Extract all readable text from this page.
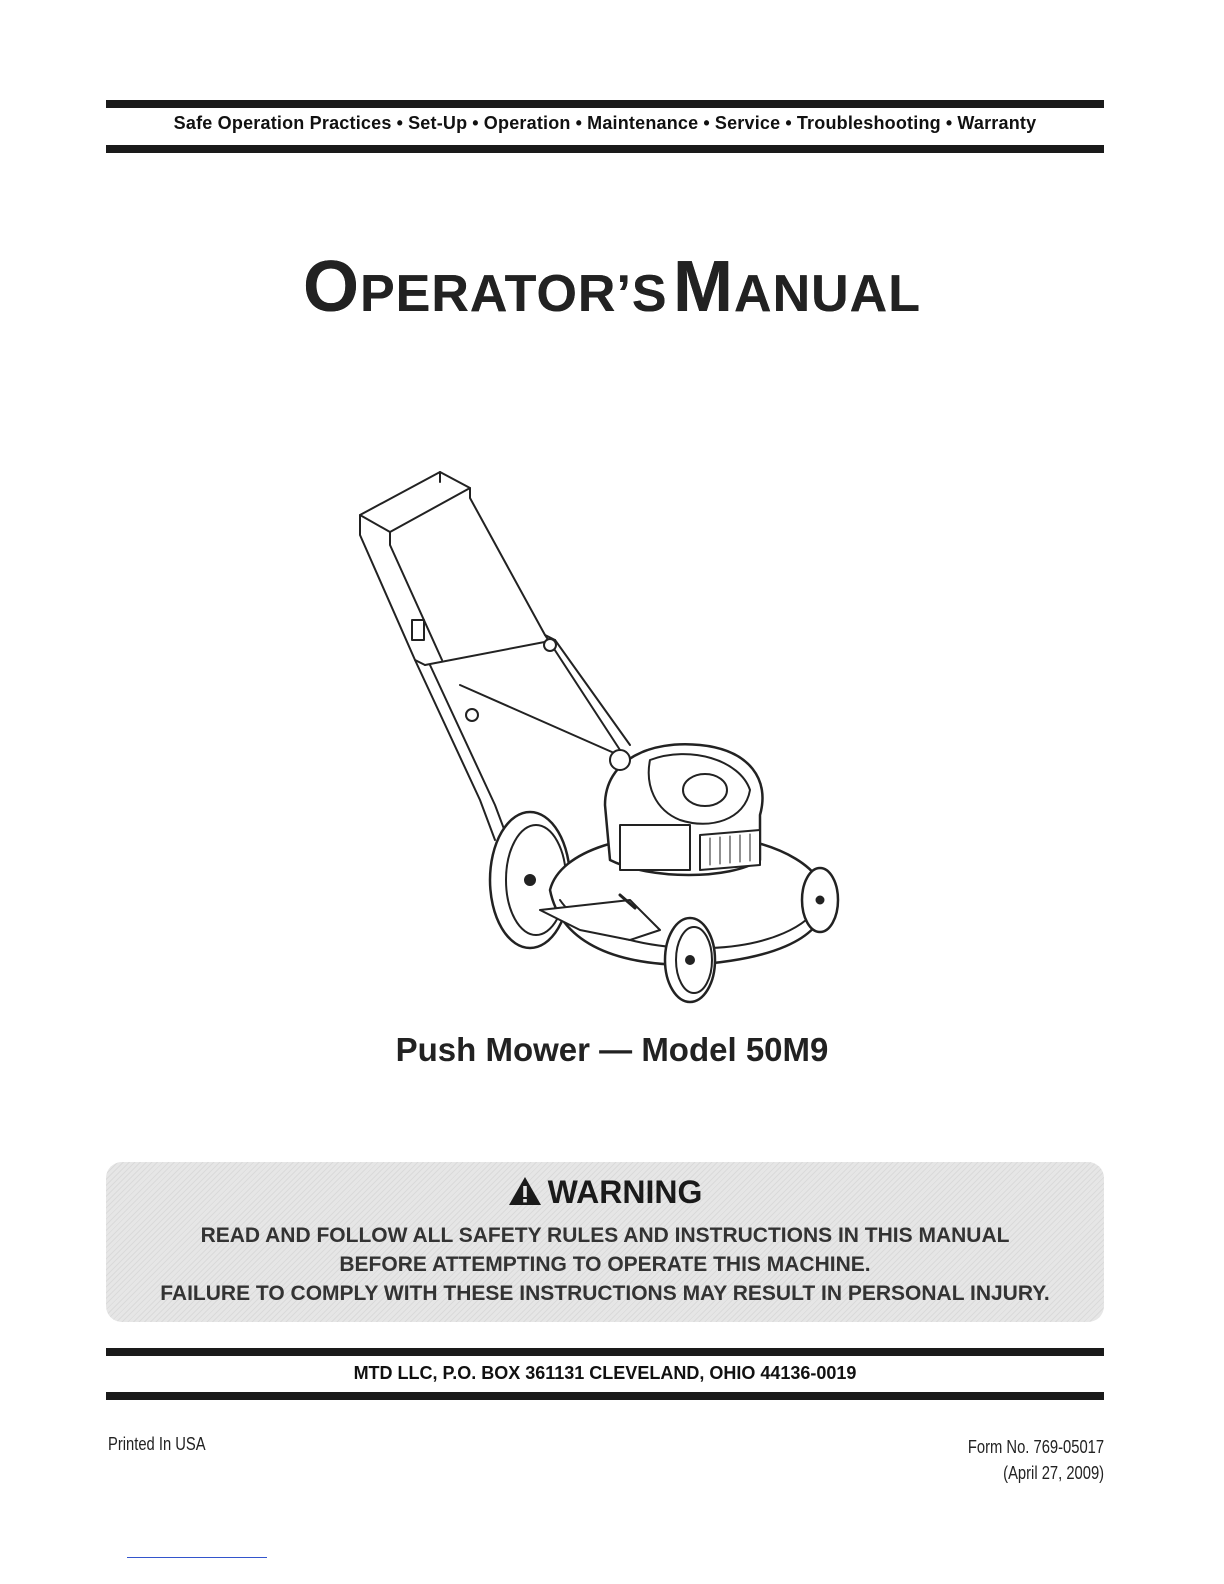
Safe Operation Practices • Set-Up • Operation • Maintenance • Service • Troubleshooting • Warranty
OPERATOR’S MANUAL
Push Mower — Model 50M9
WARNING
READ AND FOLLOW ALL SAFETY RULES AND INSTRUCTIONS IN THIS MANUAL
BEFORE ATTEMPTING TO OPERATE THIS MACHINE.
FAILURE TO COMPLY WITH THESE INSTRUCTIONS MAY RESULT IN PERSONAL INJURY.
MTD LLC, P.O. BOX 361131 CLEVELAND, OHIO 44136-0019
Printed In USA	Form No. 769-05017
(April 27, 2009)
